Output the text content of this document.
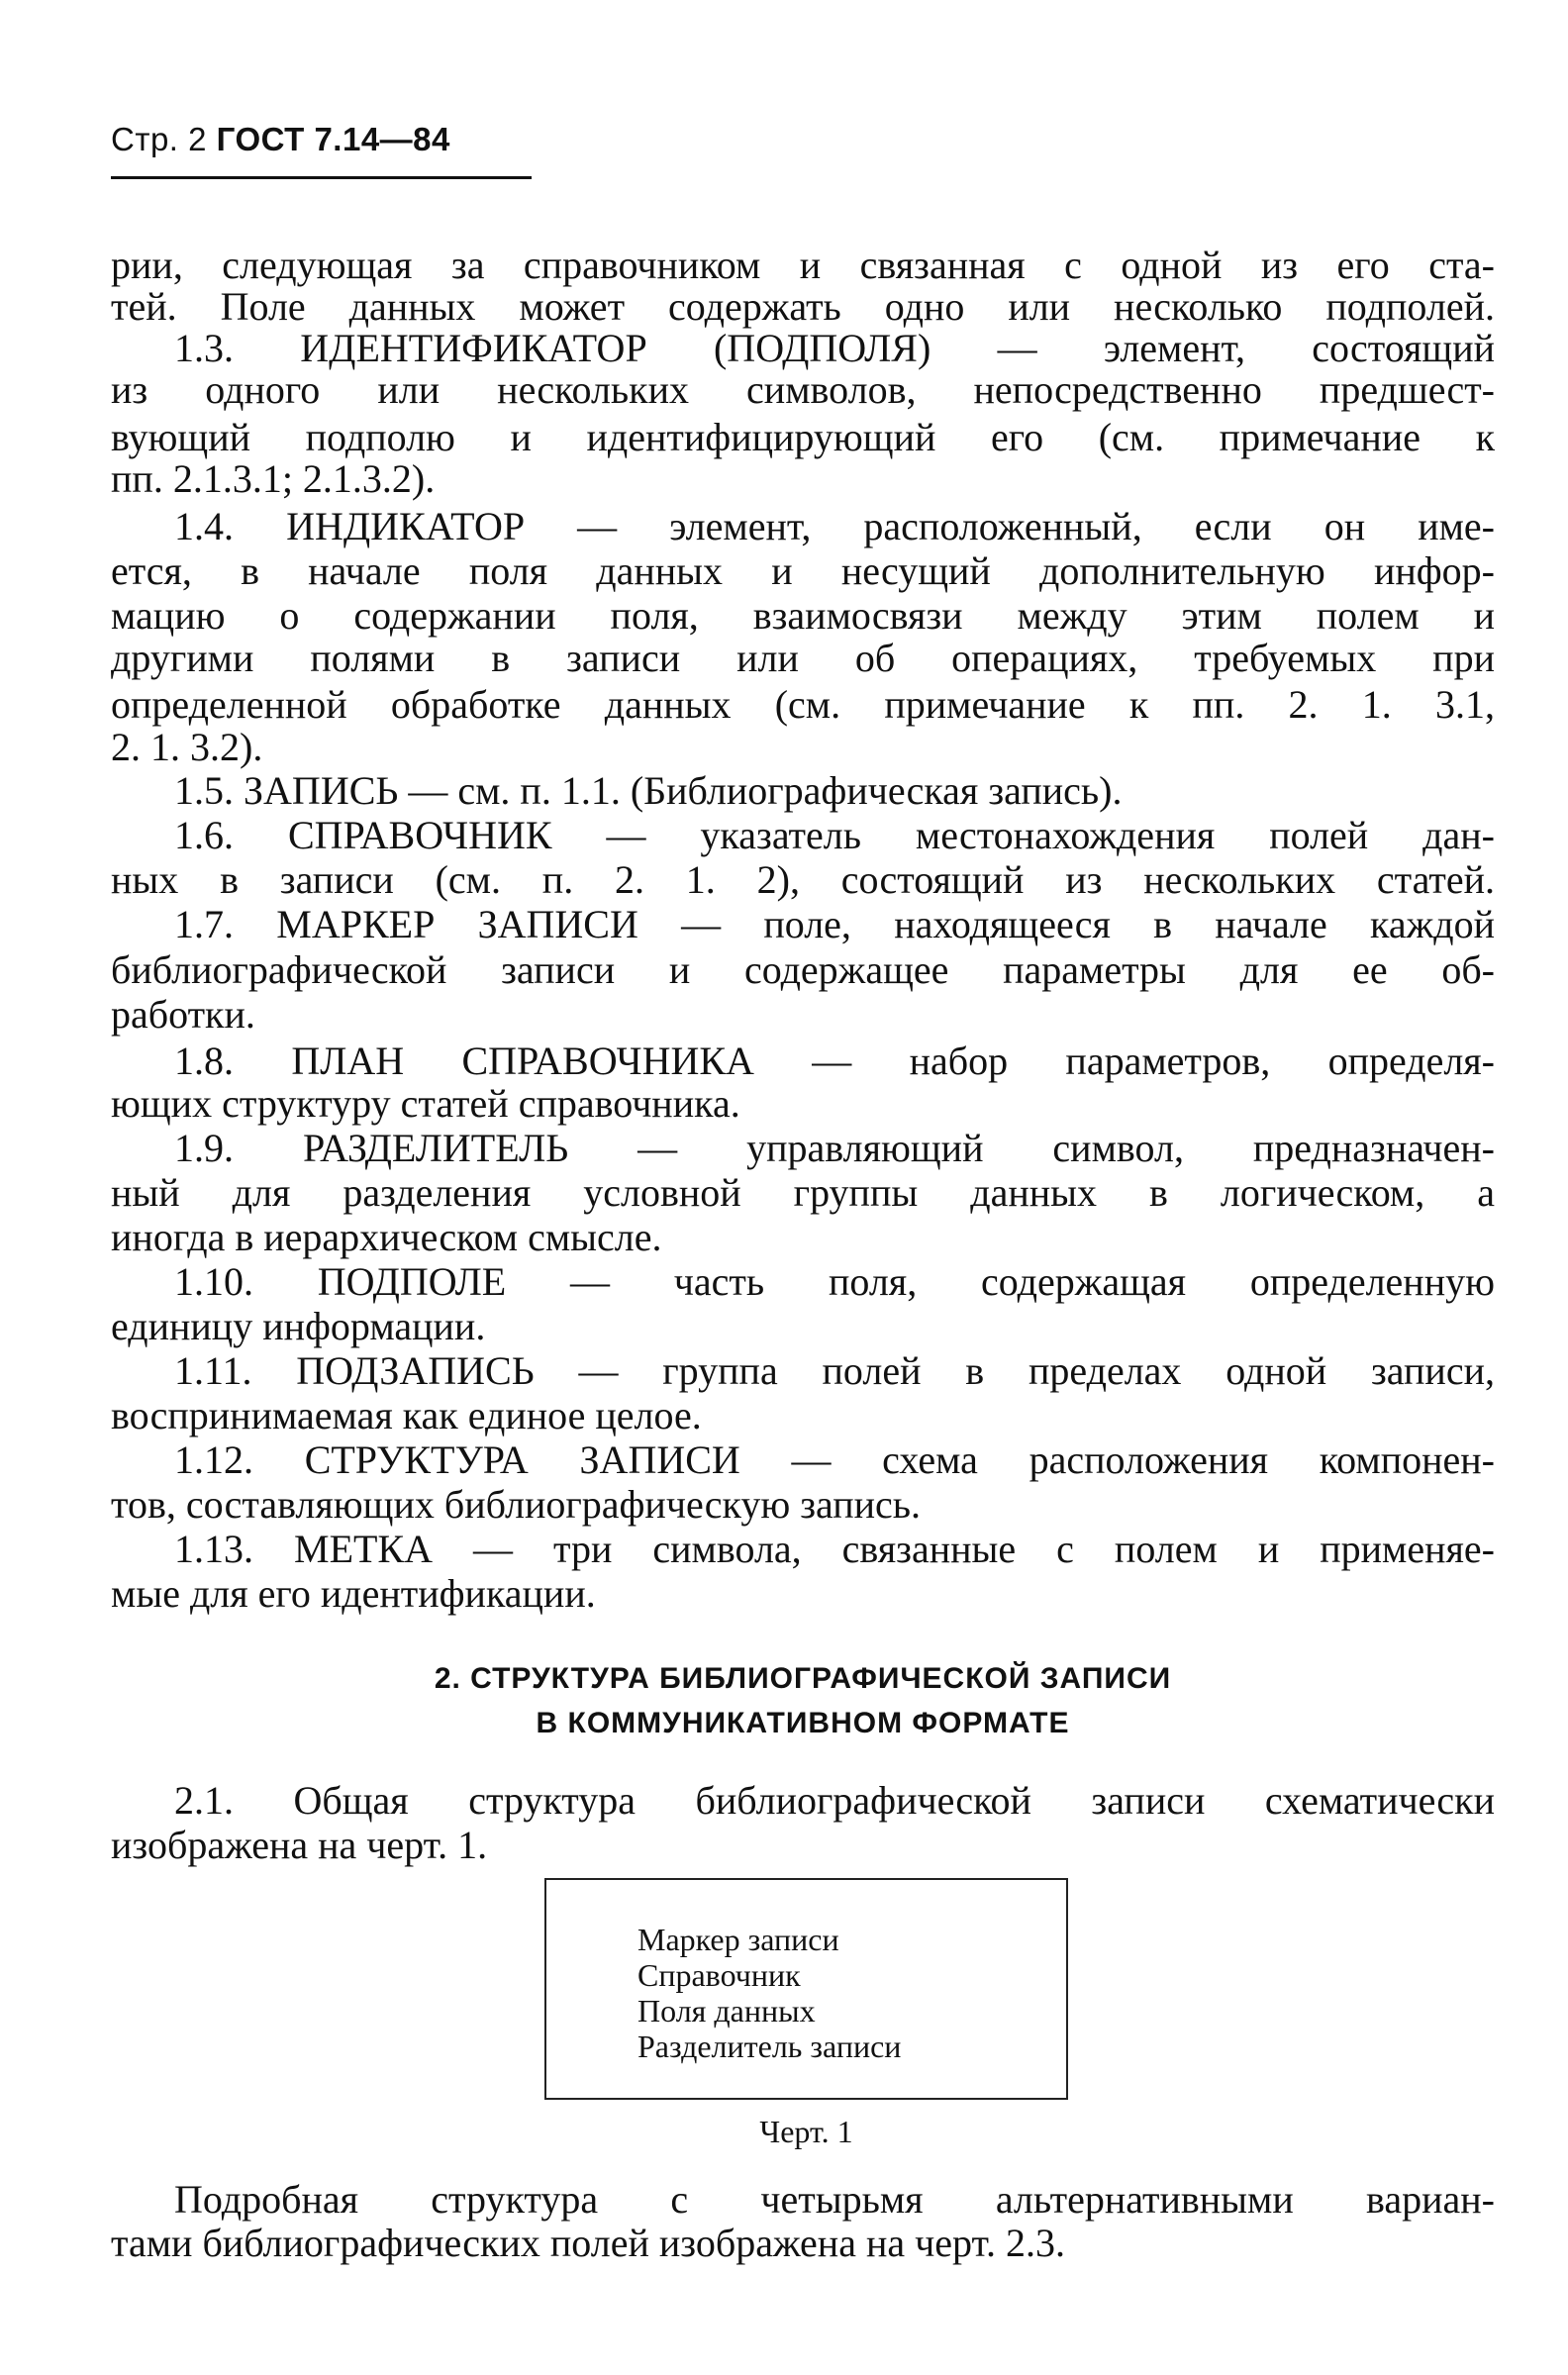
Стр. 2 ГОСТ 7.14—84
рии, следующая за справочником и связанная с одной из его ста-
тей. Поле данных может содержать одно или несколько подполей.
1.3. ИДЕНТИФИКАТОР (ПОДПОЛЯ) — элемент, состоящий
из одного или нескольких символов, непосредственно предшест-
вующий подполю и идентифицирующий его (см. примечание к
пп. 2.1.3.1; 2.1.3.2).
1.4. ИНДИКАТОР — элемент, расположенный, если он име-
ется, в начале поля данных и несущий дополнительную инфор-
мацию о содержании поля, взаимосвязи между этим полем и
другими полями в записи или об операциях, требуемых при
определенной обработке данных (см. примечание к пп. 2. 1. 3.1,
2. 1. 3.2).
1.5. ЗАПИСЬ — см. п. 1.1. (Библиографическая запись).
1.6. СПРАВОЧНИК — указатель местонахождения полей дан-
ных в записи (см. п. 2. 1. 2), состоящий из нескольких статей.
1.7. МАРКЕР ЗАПИСИ — поле, находящееся в начале каждой
библиографической записи и содержащее параметры для ее об-
работки.
1.8. ПЛАН СПРАВОЧНИКА — набор параметров, определя-
ющих структуру статей справочника.
1.9. РАЗДЕЛИТЕЛЬ — управляющий символ, предназначен-
ный для разделения условной группы данных в логическом, а
иногда в иерархическом смысле.
1.10. ПОДПОЛЕ — часть поля, содержащая определенную
единицу информации.
1.11. ПОДЗАПИСЬ — группа полей в пределах одной записи,
воспринимаемая как единое целое.
1.12. СТРУКТУРА ЗАПИСИ — схема расположения компонен-
тов, составляющих библиографическую запись.
1.13. МЕТКА — три символа, связанные с полем и применяе-
мые для его идентификации.
2. СТРУКТУРА БИБЛИОГРАФИЧЕСКОЙ ЗАПИСИ
В КОММУНИКАТИВНОМ ФОРМАТЕ
2.1. Общая структура библиографической записи схематически
изображена на черт. 1.
Маркер записи
Справочник
Поля данных
Разделитель записи
Черт. 1
Подробная структура с четырьмя альтернативными вариан-
тами библиографических полей изображена на черт. 2.3.
